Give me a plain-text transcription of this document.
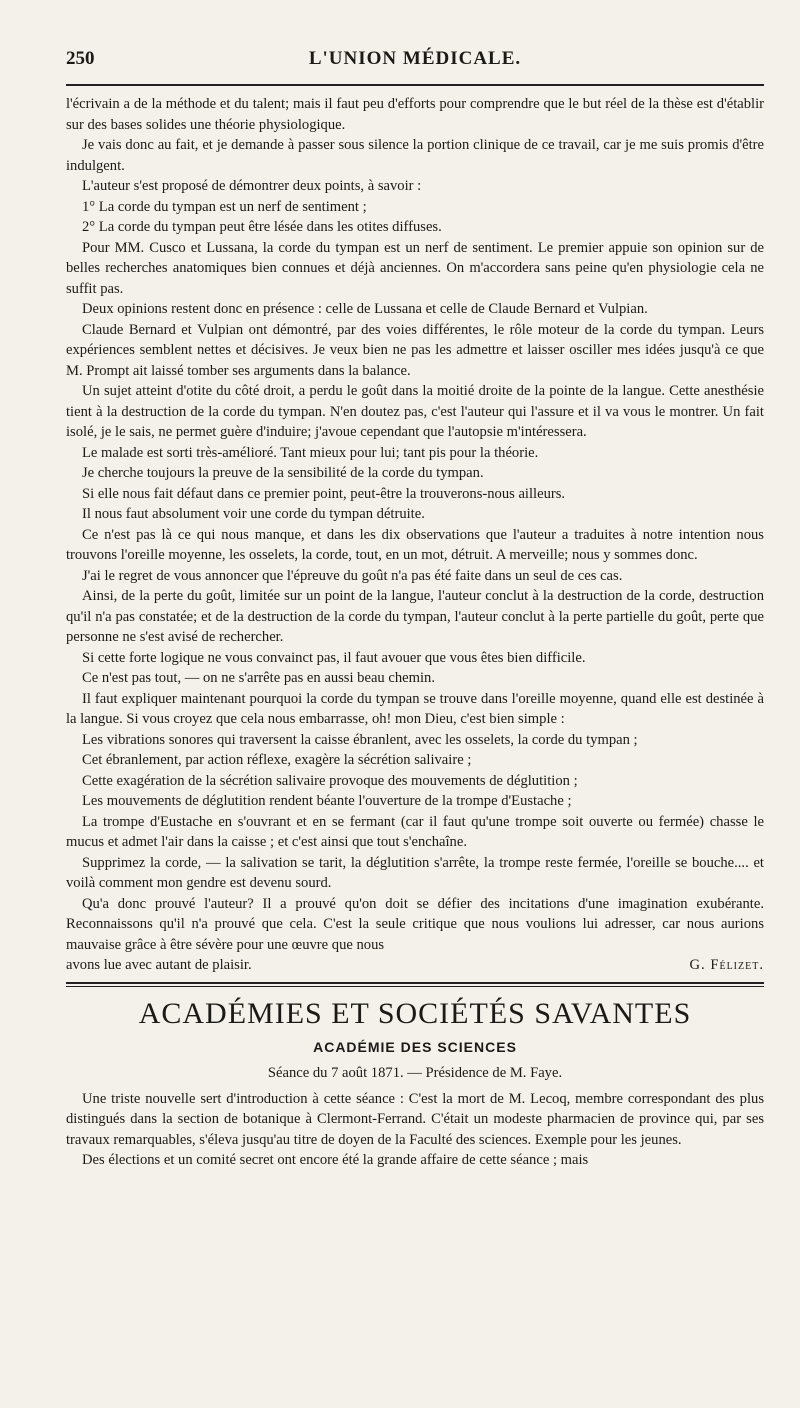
250	L'UNION MÉDICALE.

l'écrivain a de la méthode et du talent; mais il faut peu d'efforts pour comprendre que le but réel de la thèse est d'établir sur des bases solides une théorie physiologique.

Je vais donc au fait, et je demande à passer sous silence la portion clinique de ce travail, car je me suis promis d'être indulgent.

L'auteur s'est proposé de démontrer deux points, à savoir :

1° La corde du tympan est un nerf de sentiment ;

2° La corde du tympan peut être lésée dans les otites diffuses.

Pour MM. Cusco et Lussana, la corde du tympan est un nerf de sentiment. Le premier appuie son opinion sur de belles recherches anatomiques bien connues et déjà anciennes. On m'accordera sans peine qu'en physiologie cela ne suffit pas.

Deux opinions restent donc en présence : celle de Lussana et celle de Claude Bernard et Vulpian.

Claude Bernard et Vulpian ont démontré, par des voies différentes, le rôle moteur de la corde du tympan. Leurs expériences semblent nettes et décisives. Je veux bien ne pas les admettre et laisser osciller mes idées jusqu'à ce que M. Prompt ait laissé tomber ses arguments dans la balance.

Un sujet atteint d'otite du côté droit, a perdu le goût dans la moitié droite de la pointe de la langue. Cette anesthésie tient à la destruction de la corde du tympan. N'en doutez pas, c'est l'auteur qui l'assure et il va vous le montrer. Un fait isolé, je le sais, ne permet guère d'induire; j'avoue cependant que l'autopsie m'intéressera.

Le malade est sorti très-amélioré. Tant mieux pour lui; tant pis pour la théorie.

Je cherche toujours la preuve de la sensibilité de la corde du tympan.

Si elle nous fait défaut dans ce premier point, peut-être la trouverons-nous ailleurs.

Il nous faut absolument voir une corde du tympan détruite.

Ce n'est pas là ce qui nous manque, et dans les dix observations que l'auteur a traduites à notre intention nous trouvons l'oreille moyenne, les osselets, la corde, tout, en un mot, détruit. A merveille; nous y sommes donc.

J'ai le regret de vous annoncer que l'épreuve du goût n'a pas été faite dans un seul de ces cas.

Ainsi, de la perte du goût, limitée sur un point de la langue, l'auteur conclut à la destruction de la corde, destruction qu'il n'a pas constatée; et de la destruction de la corde du tympan, l'auteur conclut à la perte partielle du goût, perte que personne ne s'est avisé de rechercher.

Si cette forte logique ne vous convainct pas, il faut avouer que vous êtes bien difficile.

Ce n'est pas tout, — on ne s'arrête pas en aussi beau chemin.

Il faut expliquer maintenant pourquoi la corde du tympan se trouve dans l'oreille moyenne, quand elle est destinée à la langue. Si vous croyez que cela nous embarrasse, oh! mon Dieu, c'est bien simple :

Les vibrations sonores qui traversent la caisse ébranlent, avec les osselets, la corde du tympan ;

Cet ébranlement, par action réflexe, exagère la sécrétion salivaire ;

Cette exagération de la sécrétion salivaire provoque des mouvements de déglutition ;

Les mouvements de déglutition rendent béante l'ouverture de la trompe d'Eustache ;

La trompe d'Eustache en s'ouvrant et en se fermant (car il faut qu'une trompe soit ouverte ou fermée) chasse le mucus et admet l'air dans la caisse ; et c'est ainsi que tout s'enchaîne.

Supprimez la corde, — la salivation se tarit, la déglutition s'arrête, la trompe reste fermée, l'oreille se bouche.... et voilà comment mon gendre est devenu sourd.

Qu'a donc prouvé l'auteur? Il a prouvé qu'on doit se défier des incitations d'une imagination exubérante. Reconnaissons qu'il n'a prouvé que cela. C'est la seule critique que nous voulions lui adresser, car nous aurions mauvaise grâce à être sévère pour une œuvre que nous

avons lue avec autant de plaisir.	G. Félizet.
ACADÉMIES ET SOCIÉTÉS SAVANTES
ACADÉMIE DES SCIENCES
Séance du 7 août 1871. — Présidence de M. Faye.

Une triste nouvelle sert d'introduction à cette séance : C'est la mort de M. Lecoq, membre correspondant des plus distingués dans la section de botanique à Clermont-Ferrand. C'était un modeste pharmacien de province qui, par ses travaux remarquables, s'éleva jusqu'au titre de doyen de la Faculté des sciences. Exemple pour les jeunes.

Des élections et un comité secret ont encore été la grande affaire de cette séance ; mais
